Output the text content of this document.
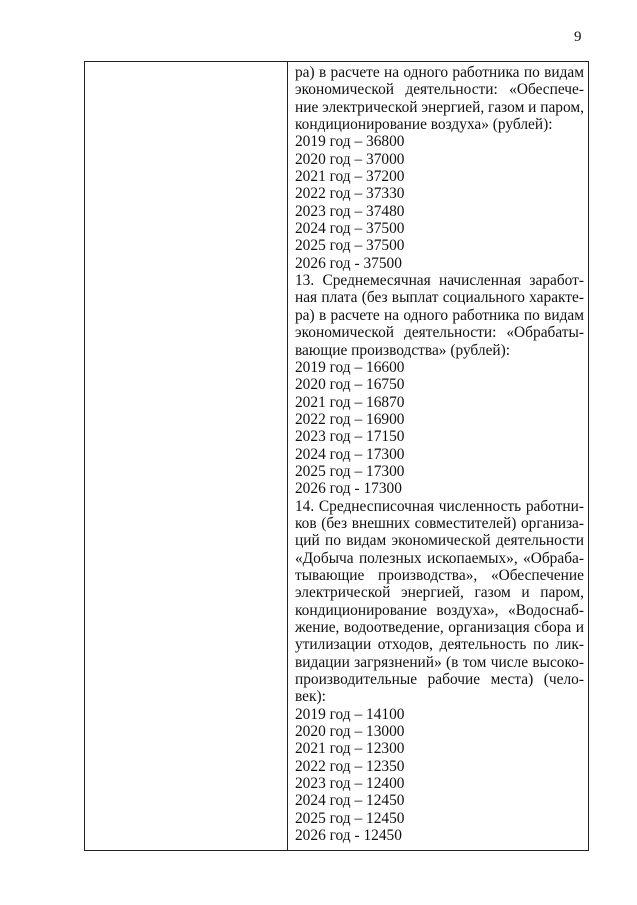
9
ра) в расчете на одного работника по видам
экономической деятельности: «Обеспече-
ние электрической энергией, газом и паром,
кондиционирование воздуха» (рублей):
2019 год – 36800
2020 год – 37000
2021 год – 37200
2022 год – 37330
2023 год – 37480
2024 год – 37500
2025 год – 37500
2026 год - 37500
13. Среднемесячная начисленная заработ-
ная плата (без выплат социального характе-
ра) в расчете на одного работника по видам
экономической деятельности: «Обрабаты-
вающие производства» (рублей):
2019 год – 16600
2020 год – 16750
2021 год – 16870
2022 год – 16900
2023 год – 17150
2024 год – 17300
2025 год – 17300
2026 год - 17300
14. Среднесписочная численность работни-
ков (без внешних совместителей) организа-
ций по видам экономической деятельности
«Добыча полезных ископаемых», «Обраба-
тывающие производства», «Обеспечение
электрической энергией, газом и паром,
кондиционирование воздуха», «Водоснаб-
жение, водоотведение, организация сбора и
утилизации отходов, деятельность по лик-
видации загрязнений» (в том числе высоко-
производительные рабочие места) (чело-
век):
2019 год – 14100
2020 год – 13000
2021 год – 12300
2022 год – 12350
2023 год – 12400
2024 год – 12450
2025 год – 12450
2026 год - 12450
